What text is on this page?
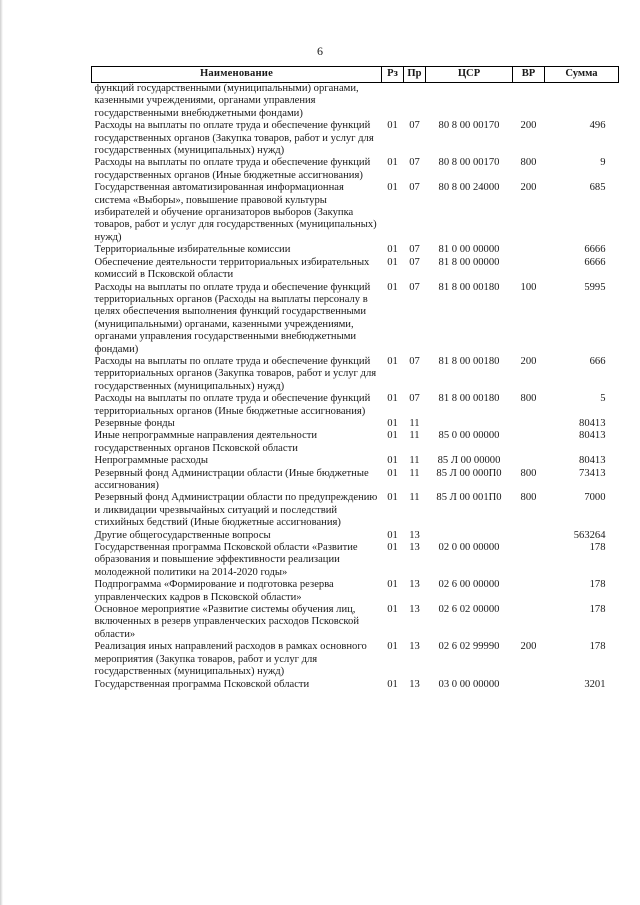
6
Наименование	Рз	Пр	ЦСР	ВР	Сумма
функций государственными (муниципальными) органами, казенными учреждениями, органами управления государственными внебюджетными фондами)					
Расходы на выплаты по оплате труда и обеспечение функций государственных органов (Закупка товаров, работ и услуг для государственных (муниципальных) нужд)	01	07	80 8 00 00170	200	496
Расходы на выплаты по оплате труда и обеспечение функций государственных органов (Иные бюджетные ассигнования)	01	07	80 8 00 00170	800	9
Государственная автоматизированная информационная система «Выборы», повышение правовой культуры избирателей и обучение организаторов выборов (Закупка товаров, работ и услуг для государственных (муниципальных) нужд)	01	07	80 8 00 24000	200	685
Территориальные избирательные комиссии	01	07	81 0 00 00000		6666
Обеспечение деятельности территориальных избирательных комиссий в Псковской области	01	07	81 8 00 00000		6666
Расходы на выплаты по оплате труда и обеспечение функций территориальных органов (Расходы на выплаты персоналу в целях обеспечения выполнения функций государственными (муниципальными) органами, казенными учреждениями, органами управления государственными внебюджетными фондами)	01	07	81 8 00 00180	100	5995
Расходы на выплаты по оплате труда и обеспечение функций территориальных органов (Закупка товаров, работ и услуг для государственных (муниципальных) нужд)	01	07	81 8 00 00180	200	666
Расходы на выплаты по оплате труда и обеспечение функций территориальных органов (Иные бюджетные ассигнования)	01	07	81 8 00 00180	800	5
Резервные фонды	01	11			80413
Иные непрограммные направления деятельности государственных органов Псковской области	01	11	85 0 00 00000		80413
Непрограммные расходы	01	11	85 Л 00 00000		80413
Резервный фонд Администрации области (Иные бюджетные ассигнования)	01	11	85 Л 00 000П0	800	73413
Резервный фонд Администрации области по предупреждению и ликвидации чрезвычайных ситуаций и последствий стихийных бедствий (Иные бюджетные ассигнования)	01	11	85 Л 00 001П0	800	7000
Другие общегосударственные вопросы	01	13			563264
Государственная программа Псковской области «Развитие образования и повышение эффективности реализации молодежной политики на 2014-2020 годы»	01	13	02 0 00 00000		178
Подпрограмма «Формирование и подготовка резерва управленческих кадров в Псковской области»	01	13	02 6 00 00000		178
Основное мероприятие «Развитие системы обучения лиц, включенных в резерв управленческих расходов Псковской области»	01	13	02 6 02 00000		178
Реализация иных направлений расходов в рамках основного мероприятия (Закупка товаров, работ и услуг для государственных (муниципальных) нужд)	01	13	02 6 02 99990	200	178
Государственная программа Псковской области	01	13	03 0 00 00000		3201
